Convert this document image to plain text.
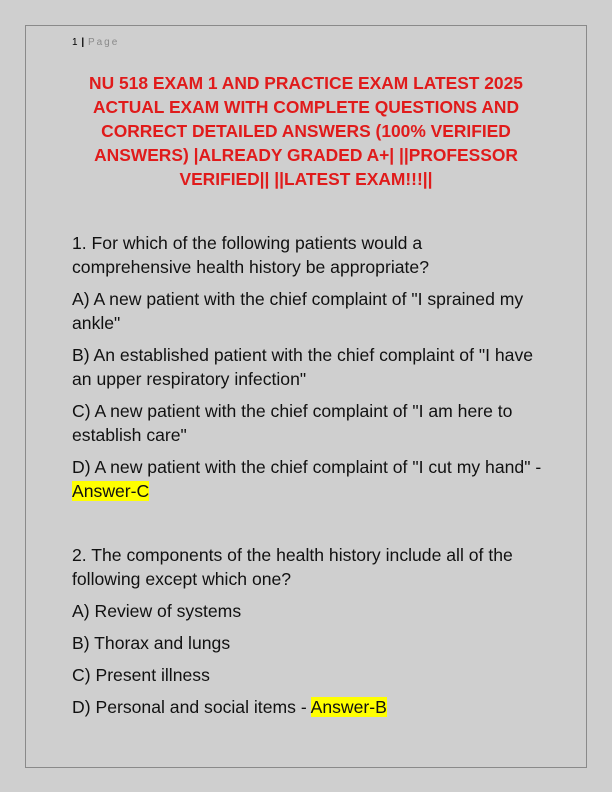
1 | Page
NU 518 EXAM 1 AND PRACTICE EXAM LATEST 2025 ACTUAL EXAM WITH COMPLETE QUESTIONS AND CORRECT DETAILED ANSWERS (100% VERIFIED ANSWERS) |ALREADY GRADED A+| ||PROFESSOR VERIFIED|| ||LATEST EXAM!!!||

1. For which of the following patients would a comprehensive health history be appropriate?

A) A new patient with the chief complaint of "I sprained my ankle"

B) An established patient with the chief complaint of "I have an upper respiratory infection"

C) A new patient with the chief complaint of "I am here to establish care"

D) A new patient with the chief complaint of "I cut my hand" - Answer-C

2. The components of the health history include all of the following except which one?

A) Review of systems

B) Thorax and lungs

C) Present illness

D) Personal and social items - Answer-B
